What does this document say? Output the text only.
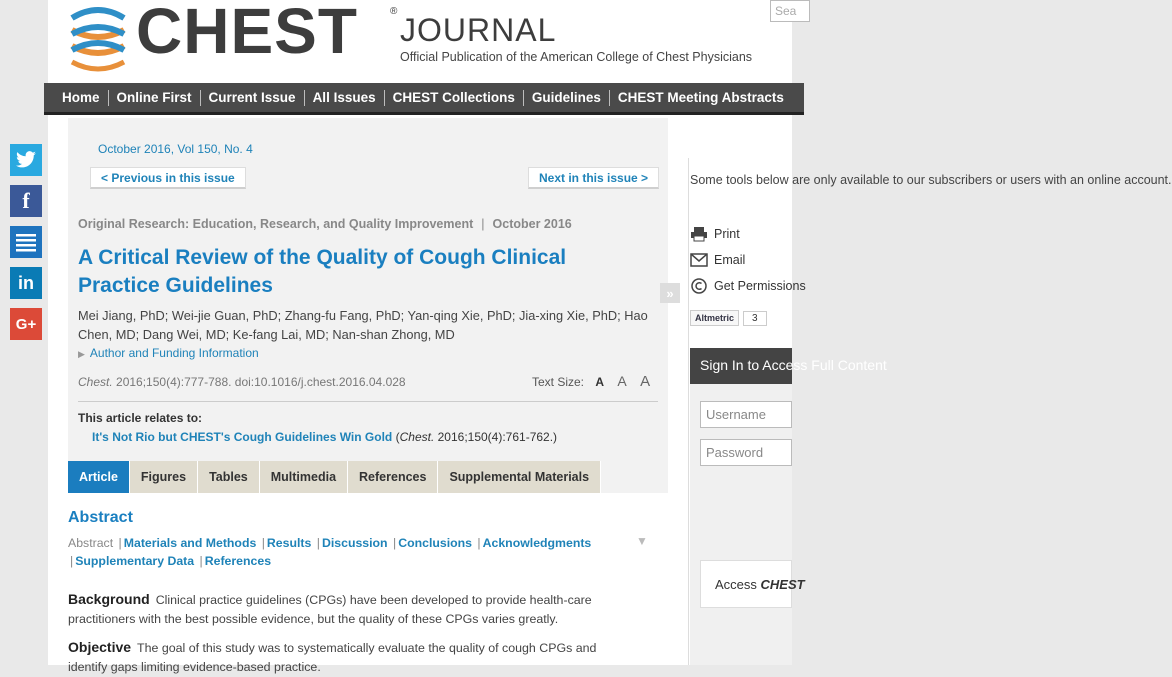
CHEST	®
JOURNAL
Official Publication of the American College of Chest Physicians
Sea
Home	Online First	Current Issue	All Issues	CHEST Collections	Guidelines	CHEST Meeting Abstracts
October 2016, Vol 150, No. 4
< Previous in this issue	Next in this issue >
Original Research: Education, Research, and Quality Improvement | October 2016
A Critical Review of the Quality of Cough Clinical Practice Guidelines
Mei Jiang, PhD; Wei-jie Guan, PhD; Zhang-fu Fang, PhD; Yan-qing Xie, PhD; Jia-xing Xie, PhD; Hao Chen, MD; Dang Wei, MD; Ke-fang Lai, MD; Nan-shan Zhong, MD
▶ Author and Funding Information
Chest. 2016;150(4):777-788. doi:10.1016/j.chest.2016.04.028	Text Size: A A A
This article relates to:
It's Not Rio but CHEST's Cough Guidelines Win Gold (Chest. 2016;150(4):761-762.)
Article	Figures	Tables	Multimedia	References	Supplemental Materials
Abstract
Abstract | Materials and Methods | Results | Discussion | Conclusions | Acknowledgments | Supplementary Data | References
▼
Background Clinical practice guidelines (CPGs) have been developed to provide health-care practitioners with the best possible evidence, but the quality of these CPGs varies greatly.
Objective The goal of this study was to systematically evaluate the quality of cough CPGs and identify gaps limiting evidence-based practice.
»
Some tools below are only available to our subscribers or users with an online account.
Print
Email
Get Permissions
Altmetric	3
Sign In to Access Full Content
Username
Password
Access CHEST
f
in
G+
